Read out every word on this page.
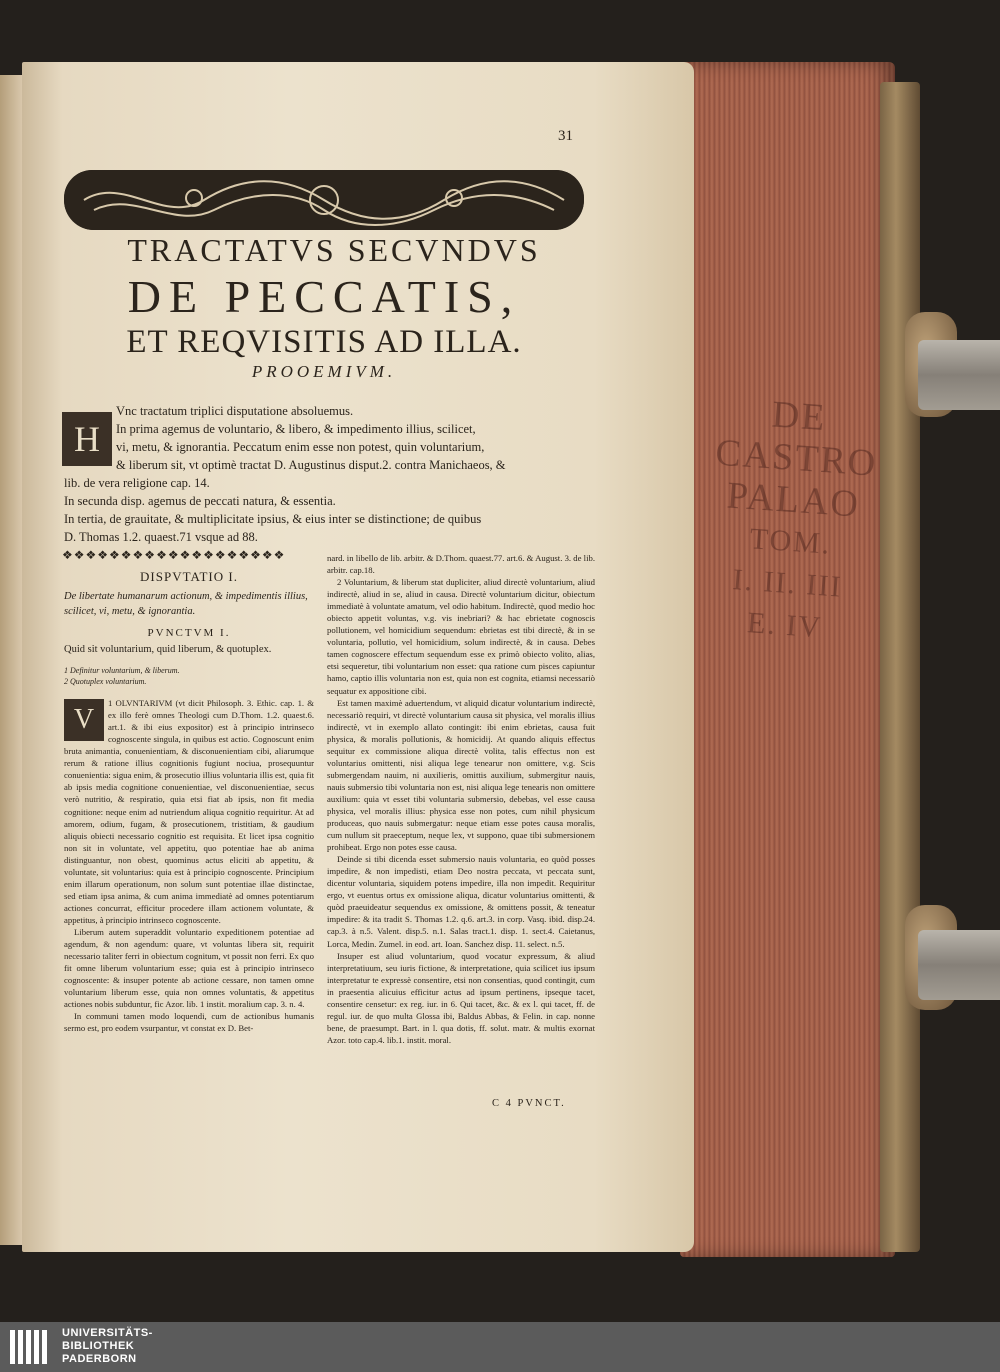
DE
CASTRO
PALAO
TOM.
I. II. III
E. IV
31
TRACTATVS SECVNDVS
DE PECCATIS,
ET REQVISITIS AD ILLA.
PROOEMIVM.
H

Vnc tractatum triplici disputatione absoluemus.

In prima agemus de voluntario, & libero, & impedimento illius, scilicet,

vi, metu, & ignorantia. Peccatum enim esse non potest, quin voluntarium,

& liberum sit, vt optimè tractat D. Augustinus disput.2. contra Manichaeos, &

lib. de vera religione cap. 14.

In secunda disp. agemus de peccati natura, & essentia.

In tertia, de grauitate, & multiplicitate ipsius, & eius inter se distinctione; de quibus

D. Thomas 1.2. quaest.71 vsque ad 88.

❖❖❖❖❖❖❖❖❖❖❖❖❖❖❖❖❖❖❖
DISPVTATIO I.
De libertate humanarum actionum, & impedimentis illius, scilicet, vi, metu, & ignorantia.
PVNCTVM I.
Quid sit voluntarium, quid liberum, & quotuplex.
1 Definitur voluntarium, & liberum.
2 Quotuplex voluntarium.
V

1 OLVNTARIVM (vt dicit Philosoph. 3. Ethic. cap. 1. & ex illo ferè omnes Theologi cum D.Thom. 1.2. quaest.6. art.1. & ibi eius expositor) est à principio intrinseco cognoscente singula, in quibus est actio. Cognoscunt enim bruta animantia, conuenientiam, & disconuenientiam cibi, aliarumque rerum & ratione illius cognitionis fugiunt nociua, prosequuntur conuenientia: sigua enim, & prosecutio illius voluntaria illis est, quia fit ab ipsis media cognitione conuenientiae, vel disconuenientiae, secus verò nutritio, & respiratio, quia etsi fiat ab ipsis, non fit media cognitione: neque enim ad nutriendum aliqua cognitio requiritur. At ad amorem, odium, fugam, & prosecutionem, tristitiam, & gaudium aliquis obiecti necessario cognitio est requisita. Et licet ipsa cognitio non sit in voluntate, vel appetitu, quo potentiae hae ab anima distinguantur, non obest, quominus actus eliciti ab appetitu, & voluntate, sit voluntarius: quia est à principio cognoscente. Principium enim illarum operationum, non solum sunt potentiae illae distinctae, sed etiam ipsa anima, & cum anima immediatè ad omnes potentiarum actiones concurrat, efficitur procedere illam actionem voluntate, & appetitus, à principio intrinseco cognoscente.

Liberum autem superaddit voluntario expeditionem potentiae ad agendum, & non agendum: quare, vt voluntas libera sit, requirit necessario taliter ferri in obiectum cognitum, vt possit non ferri. Ex quo fit omne liberum voluntarium esse; quia est à principio intrinseco cognoscente: & insuper potente ab actione cessare, non tamen omne voluntarium liberum esse, quia non omnes voluntatis, & appetitus actiones nobis subduntur, fic Azor. lib. 1 instit. moralium cap. 3. n. 4.

In communi tamen modo loquendi, cum de actionibus humanis sermo est, pro eodem vsurpantur, vt constat ex D. Bet-

nard. in libello de lib. arbitr. & D.Thom. quaest.77. art.6. & August. 3. de lib. arbitr. cap.18.

2 Voluntarium, & liberum stat dupliciter, aliud directè voluntarium, aliud indirectè, aliud in se, aliud in causa. Directè voluntarium dicitur, obiectum immediatè à voluntate amatum, vel odio habitum. Indirectè, quod medio hoc obiecto appetit voluntas, v.g. vis inebriari? & hac ebrietate cognoscis pollutionem, vel homicidium sequendum: ebrietas est tibi directè, & in se voluntaria, pollutio, vel homicidium, solum indirectè, & in causa. Debes tamen cognoscere effectum sequendum esse ex primò obiecto volito, alias, etsi sequeretur, tibi voluntarium non esset: qua ratione cum pisces capiuntur hamo, captio illis voluntaria non est, quia non est cognita, etiamsi necessariò sequatur ex appositione cibi.

Est tamen maximè aduertendum, vt aliquid dicatur voluntarium indirectè, necessariò requiri, vt directè voluntarium causa sit physica, vel moralis illius indirectè, vt in exemplo allato contingit: ibi enim ebrietas, causa fuit physica, & moralis pollutionis, & homicidij. At quando aliquis effectus sequitur ex commissione aliqua directè volita, talis effectus non est voluntarius omittenti, nisi aliqua lege tenearur non omittere, v.g. Scis submergendam nauim, ni auxilieris, omittis auxilium, submergitur nauis, nauis submersio tibi voluntaria non est, nisi aliqua lege tenearis non omittere auxilium: quia vt esset tibi voluntaria submersio, debebas, vel esse causa physica, vel moralis illius: physica esse non potes, cum nihil physicum produceas, quo nauis submergatur: neque etiam esse potes causa moralis, cum nullum sit praeceptum, neque lex, vt suppono, quae tibi submersionem prohibeat. Ergo non potes esse causa.

Deinde si tibi dicenda esset submersio nauis voluntaria, eo quòd posses impedire, & non impedisti, etiam Deo nostra peccata, vt peccata sunt, dicentur voluntaria, siquidem potens impedire, illa non impedit. Requiritur ergo, vt euentus ortus ex omissione aliqua, dicatur voluntarius omittenti, & quòd praeuideatur sequendus ex omissione, & omittens possit, & teneatur impedire: & ita tradit S. Thomas 1.2. q.6. art.3. in corp. Vasq. ibid. disp.24. cap.3. à n.5. Valent. disp.5. n.1. Salas tract.1. disp. 1. sect.4. Caietanus, Lorca, Medin. Zumel. in eod. art. Ioan. Sanchez disp. 11. select. n.5.

Insuper est aliud voluntarium, quod vocatur expressum, & aliud interpretatiuum, seu iuris fictione, & interpretatione, quia scilicet ius ipsum interpretatur te expressè consentire, etsi non consentias, quod contingit, cum in praesentia alicuius efficitur actus ad ipsum pertinens, ipseque tacet, consentire censetur: ex reg. iur. in 6. Qui tacet, &c. & ex l. qui tacet, ff. de regul. iur. de quo multa Glossa ibi, Baldus Abbas, & Felin. in cap. nonne bene, de praesumpt. Bart. in l. qua dotis, ff. solut. matr. & multis exornat Azor. toto cap.4. lib.1. instit. moral.

C 4 PVNCT.
UNIVERSITÄTS-
BIBLIOTHEK
PADERBORN
